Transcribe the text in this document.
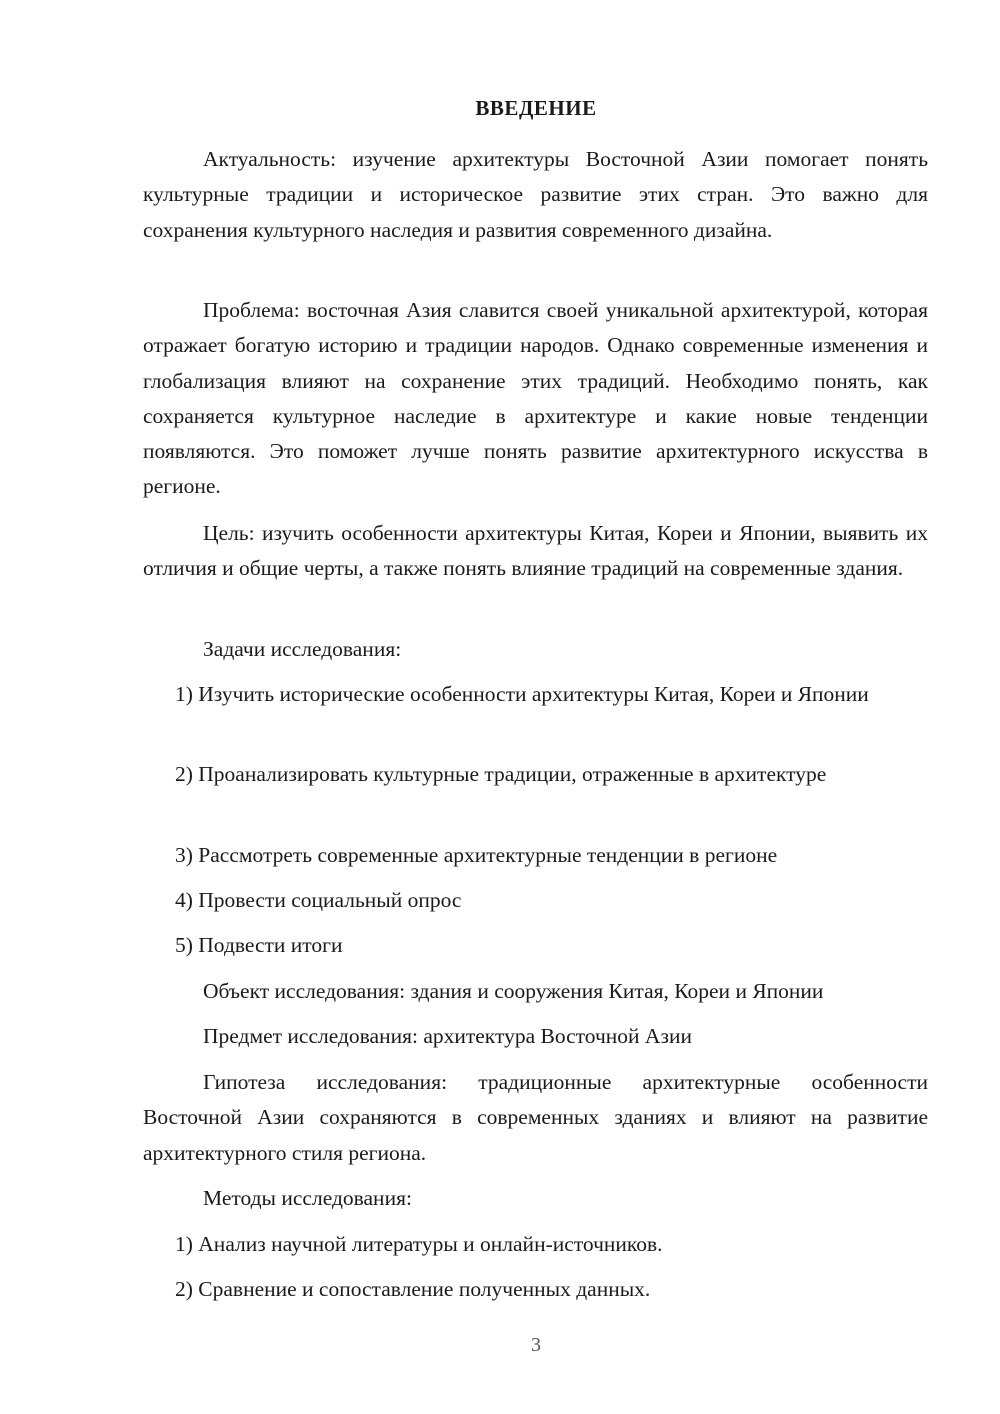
ВВЕДЕНИЕ

Актуальность: изучение архитектуры Восточной Азии помогает понять культурные традиции и историческое развитие этих стран. Это важно для сохранения культурного наследия и развития современного дизайна.

Проблема: восточная Азия славится своей уникальной архитектурой, которая отражает богатую историю и традиции народов. Однако современные изменения и глобализация влияют на сохранение этих традиций. Необходимо понять, как сохраняется культурное наследие в архитектуре и какие новые тенденции появляются. Это поможет лучше понять развитие архитектурного искусства в регионе.

Цель: изучить особенности архитектуры Китая, Кореи и Японии, выявить их отличия и общие черты, а также понять влияние традиций на современные здания.

Задачи исследования:

1) Изучить исторические особенности архитектуры Китая, Кореи и Японии

2) Проанализировать культурные традиции, отраженные в архитектуре

3) Рассмотреть современные архитектурные тенденции в регионе

4) Провести социальный опрос

5) Подвести итоги

Объект исследования: здания и сооружения Китая, Кореи и Японии

Предмет исследования: архитектура Восточной Азии

Гипотеза исследования: традиционные архитектурные особенности Восточной Азии сохраняются в современных зданиях и влияют на развитие архитектурного стиля региона.

Методы исследования:

1) Анализ научной литературы и онлайн-источников.

2) Сравнение и сопоставление полученных данных.

3
